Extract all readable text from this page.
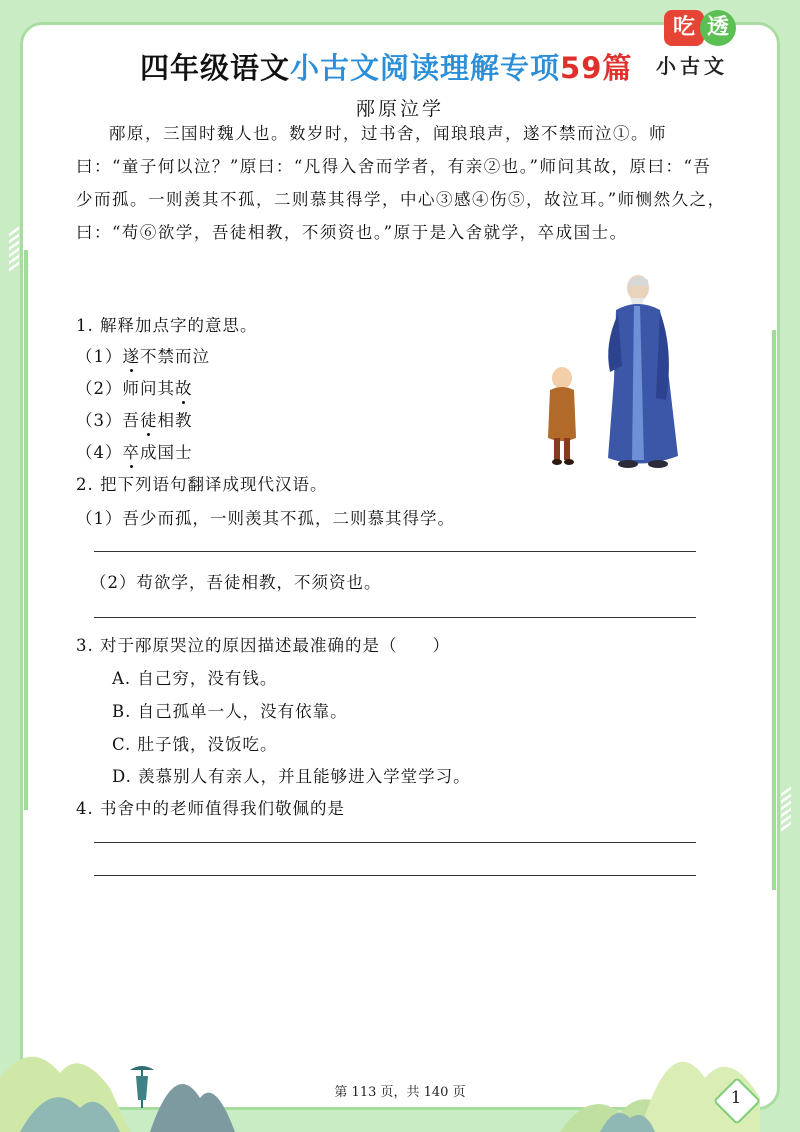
四年级语文小古文阅读理解专项59篇
吃 透
小古文
邴原泣学
邴原，三国时魏人也。数岁时，过书舍，闻琅琅声，遂不禁而泣①。师曰：“童子何以泣？”原曰：“凡得入舍而学者，有亲②也。”师问其故，原曰：“吾少而孤。一则羡其不孤，二则慕其得学，中心③感④伤⑤，故泣耳。”师恻然久之，曰：“苟⑥欲学，吾徒相教，不须资也。”原于是入舍就学，卒成国士。
1. 解释加点字的意思。
（1）遂不禁而泣
（2）师问其故
（3）吾徒相教
（4）卒成国士
2. 把下列语句翻译成现代汉语。
（1）吾少而孤，一则羡其不孤，二则慕其得学。
（2）苟欲学，吾徒相教，不须资也。
3. 对于邴原哭泣的原因描述最准确的是（　　）
A. 自己穷，没有钱。
B. 自己孤单一人，没有依靠。
C. 肚子饿，没饭吃。
D. 羡慕别人有亲人，并且能够进入学堂学习。
4. 书舍中的老师值得我们敬佩的是
第 113 页，共 140 页	1
